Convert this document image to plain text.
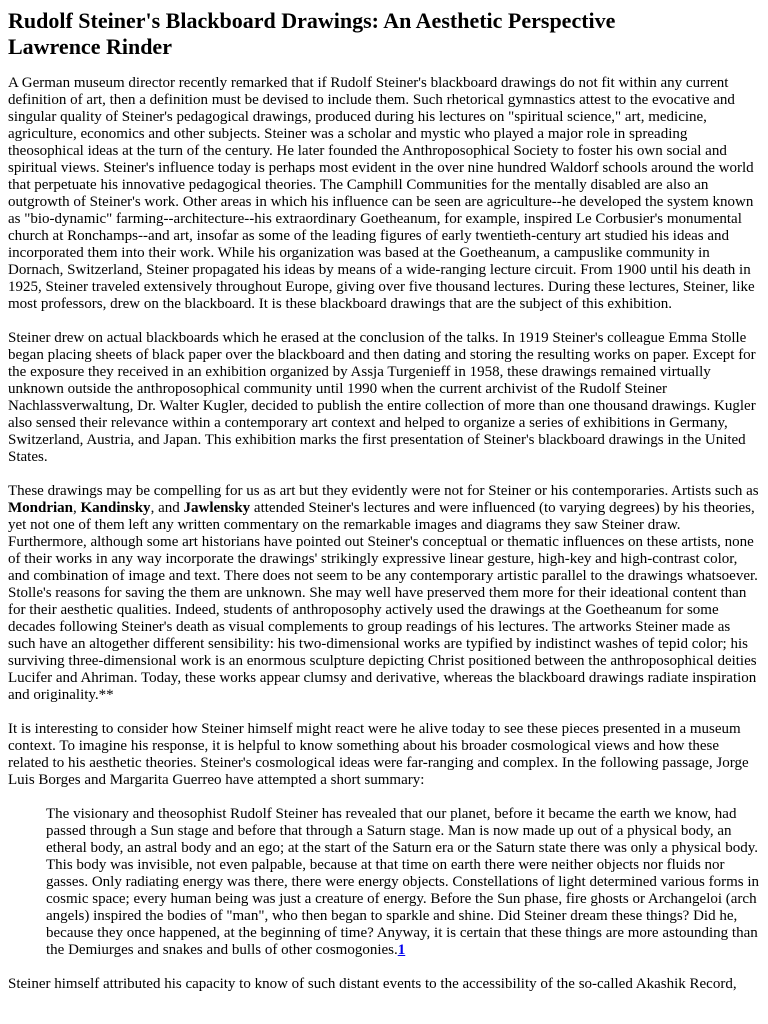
Rudolf Steiner's Blackboard Drawings: An Aesthetic Perspective
Lawrence Rinder

A German museum director recently remarked that if Rudolf Steiner's blackboard drawings do not fit within any current definition of art, then a definition must be devised to include them. Such rhetorical gymnastics attest to the evocative and singular quality of Steiner's pedagogical drawings, produced during his lectures on "spiritual science," art, medicine, agriculture, economics and other subjects. Steiner was a scholar and mystic who played a major role in spreading theosophical ideas at the turn of the century. He later founded the Anthroposophical Society to foster his own social and spiritual views. Steiner's influence today is perhaps most evident in the over nine hundred Waldorf schools around the world that perpetuate his innovative pedagogical theories. The Camphill Communities for the mentally disabled are also an outgrowth of Steiner's work. Other areas in which his influence can be seen are agriculture--he developed the system known as "bio-dynamic" farming--architecture--his extraordinary Goetheanum, for example, inspired Le Corbusier's monumental church at Ronchamps--and art, insofar as some of the leading figures of early twentieth-century art studied his ideas and incorporated them into their work. While his organization was based at the Goetheanum, a campuslike community in Dornach, Switzerland, Steiner propagated his ideas by means of a wide-ranging lecture circuit. From 1900 until his death in 1925, Steiner traveled extensively throughout Europe, giving over five thousand lectures. During these lectures, Steiner, like most professors, drew on the blackboard. It is these blackboard drawings that are the subject of this exhibition.

Steiner drew on actual blackboards which he erased at the conclusion of the talks. In 1919 Steiner's colleague Emma Stolle began placing sheets of black paper over the blackboard and then dating and storing the resulting works on paper. Except for the exposure they received in an exhibition organized by Assja Turgenieff in 1958, these drawings remained virtually unknown outside the anthroposophical community until 1990 when the current archivist of the Rudolf Steiner Nachlassverwaltung, Dr. Walter Kugler, decided to publish the entire collection of more than one thousand drawings. Kugler also sensed their relevance within a contemporary art context and helped to organize a series of exhibitions in Germany, Switzerland, Austria, and Japan. This exhibition marks the first presentation of Steiner's blackboard drawings in the United States.

These drawings may be compelling for us as art but they evidently were not for Steiner or his contemporaries. Artists such as Mondrian, Kandinsky, and Jawlensky attended Steiner's lectures and were influenced (to varying degrees) by his theories, yet not one of them left any written commentary on the remarkable images and diagrams they saw Steiner draw. Furthermore, although some art historians have pointed out Steiner's conceptual or thematic influences on these artists, none of their works in any way incorporate the drawings' strikingly expressive linear gesture, high-key and high-contrast color, and combination of image and text. There does not seem to be any contemporary artistic parallel to the drawings whatsoever. Stolle's reasons for saving the them are unknown. She may well have preserved them more for their ideational content than for their aesthetic qualities. Indeed, students of anthroposophy actively used the drawings at the Goetheanum for some decades following Steiner's death as visual complements to group readings of his lectures. The artworks Steiner made as such have an altogether different sensibility: his two-dimensional works are typified by indistinct washes of tepid color; his surviving three-dimensional work is an enormous sculpture depicting Christ positioned between the anthroposophical deities Lucifer and Ahriman. Today, these works appear clumsy and derivative, whereas the blackboard drawings radiate inspiration and originality.**

It is interesting to consider how Steiner himself might react were he alive today to see these pieces presented in a museum context. To imagine his response, it is helpful to know something about his broader cosmological views and how these related to his aesthetic theories. Steiner's cosmological ideas were far-ranging and complex. In the following passage, Jorge Luis Borges and Margarita Guerreo have attempted a short summary:

The visionary and theosophist Rudolf Steiner has revealed that our planet, before it became the earth we know, had passed through a Sun stage and before that through a Saturn stage. Man is now made up out of a physical body, an etheral body, an astral body and an ego; at the start of the Saturn era or the Saturn state there was only a physical body. This body was invisible, not even palpable, because at that time on earth there were neither objects nor fluids nor gasses. Only radiating energy was there, there were energy objects. Constellations of light determined various forms in cosmic space; every human being was just a creature of energy. Before the Sun phase, fire ghosts or Archangeloi (arch angels) inspired the bodies of "man", who then began to sparkle and shine. Did Steiner dream these things? Did he, because they once happened, at the beginning of time? Anyway, it is certain that these things are more astounding than the Demiurges and snakes and bulls of other cosmogonies.1

Steiner himself attributed his capacity to know of such distant events to the accessibility of the so-called Akashik Record,
